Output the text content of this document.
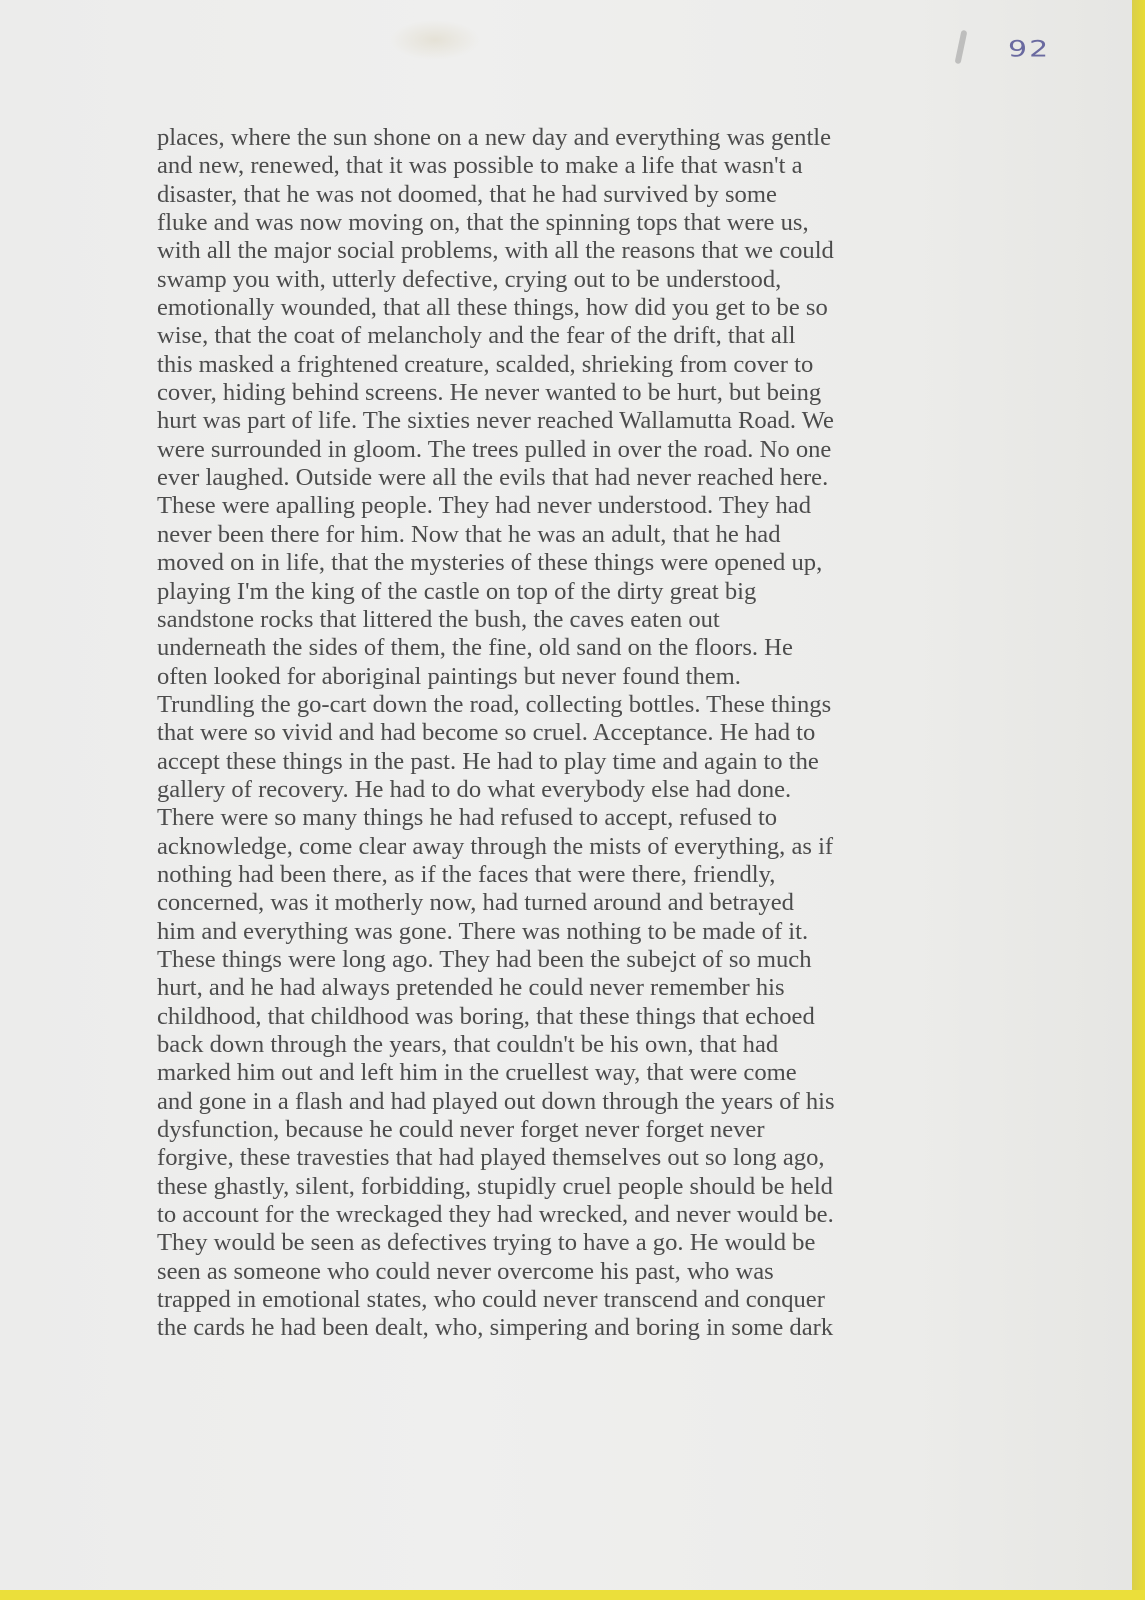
92
places, where the sun shone on a new day and everything was gentle
and new, renewed, that it was possible to make a life that wasn't a
disaster, that he was not doomed, that he had survived by some
fluke and was now moving on, that the spinning tops that were us,
with all the major social problems, with all the reasons that we could
swamp you with, utterly defective, crying out to be understood,
emotionally wounded, that all these things, how did you get to be so
wise, that the coat of melancholy and the fear of the drift, that all
this masked a frightened creature, scalded, shrieking from cover to
cover, hiding behind screens. He never wanted to be hurt, but being
hurt was part of life. The sixties never reached Wallamutta Road. We
were surrounded in gloom. The trees pulled in over the road. No one
ever laughed. Outside were all the evils that had never reached here.
These were apalling people. They had never understood. They had
never been there for him. Now that he was an adult, that he had
moved on in life, that the mysteries of these things were opened up,
playing I'm the king of the castle on top of the dirty great big
sandstone rocks that littered the bush, the caves eaten out
underneath the sides of them, the fine, old sand on the floors. He
often looked for aboriginal paintings but never found them.
Trundling the go-cart down the road, collecting bottles. These things
that were so vivid and had become so cruel. Acceptance. He had to
accept these things in the past. He had to play time and again to the
gallery of recovery. He had to do what everybody else had done.
There were so many things he had refused to accept, refused to
acknowledge, come clear away through the mists of everything, as if
nothing had been there, as if the faces that were there, friendly,
concerned, was it motherly now, had turned around and betrayed
him and everything was gone. There was nothing to be made of it.
These things were long ago. They had been the subejct of so much
hurt, and he had always pretended he could never remember his
childhood, that childhood was boring, that these things that echoed
back down through the years, that couldn't be his own, that had
marked him out and left him in the cruellest way, that were come
and gone in a flash and had played out down through the years of his
dysfunction, because he could never forget never forget never
forgive, these travesties that had played themselves out so long ago,
these ghastly, silent, forbidding, stupidly cruel people should be held
to account for the wreckaged they had wrecked, and never would be.
They would be seen as defectives trying to have a go. He would be
seen as someone who could never overcome his past, who was
trapped in emotional states, who could never transcend and conquer
the cards he had been dealt, who, simpering and boring in some dark
